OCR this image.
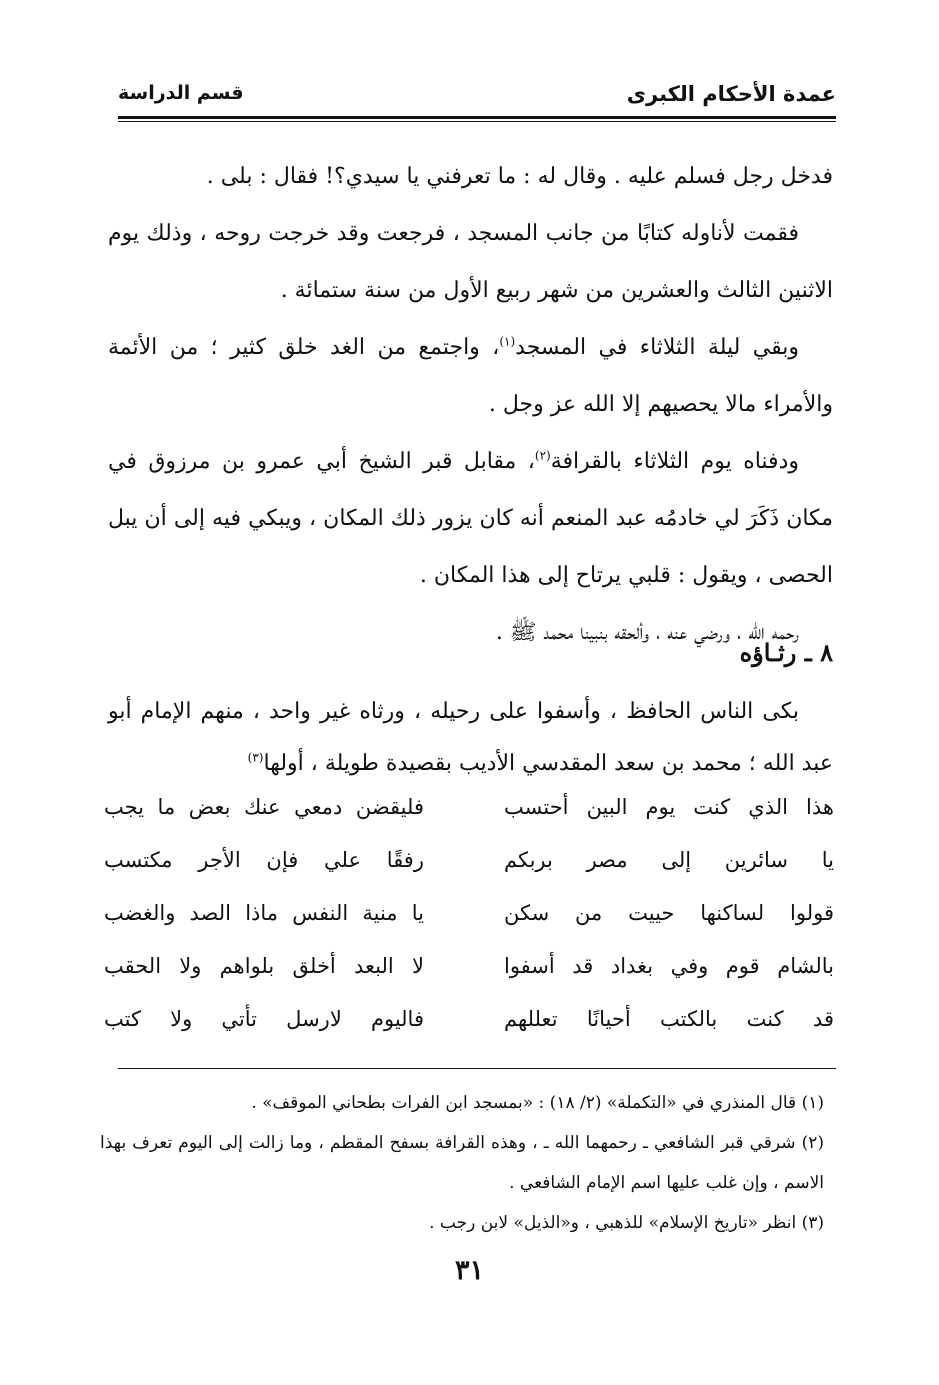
عمدة الأحكام الكبرى
قسم الدراسة

فدخل رجل فسلم عليه . وقال له : ما تعرفني يا سيدي؟! فقال : بلى .

فقمت لأناوله كتابًا من جانب المسجد ، فرجعت وقد خرجت روحه ، وذلك يوم الاثنين الثالث والعشرين من شهر ربيع الأول من سنة ستمائة .

وبقي ليلة الثلاثاء في المسجد$^{(١)}$، واجتمع من الغد خلق كثير ؛ من الأئمة والأمراء مالا يحصيهم إلا الله عز وجل .

ودفناه يوم الثلاثاء بالقرافة$^{(٢)}$، مقابل قبر الشيخ أبي عمرو بن مرزوق في مكان ذَكَرَ لي خادمُه عبد المنعم أنه كان يزور ذلك المكان ، ويبكي فيه إلى أن يبل الحصى ، ويقول : قلبي يرتاح إلى هذا المكان .

رحمه الله ، ورضي عنه ، وألحقه بنبينا محمد ﷺ .

٨ ـ رثـاؤه

بكى الناس الحافظ ، وأسفوا على رحيله ، ورثاه غير واحد ، منهم الإمام أبو عبد الله ؛ محمد بن سعد المقدسي الأديب بقصيدة طويلة ، أولها$^{(٣)}$

هذا الذي كنت يوم البين أحتسب
فليقضن دمعي عنك بعض ما يجب
يا سائرين إلى مصر بربكم
رفقًا علي فإن الأجر مكتسب
قولوا لساكنها حييت من سكن
يا منية النفس ماذا الصد والغضب
بالشام قوم وفي بغداد قد أسفوا
لا البعد أخلق بلواهم ولا الحقب
قد كنت بالكتب أحيانًا تعللهم
فاليوم لارسل تأتي ولا كتب

(١) قال المنذري في «التكملة» (٢/ ١٨) : «بمسجد ابن الفرات بطحاني الموقف» .

(٢) شرقي قبر الشافعي ـ رحمهما الله ـ ، وهذه القرافة بسفح المقطم ، وما زالت إلى اليوم تعرف بهذا الاسم ، وإن غلب عليها اسم الإمام الشافعي .

(٣) انظر «تاريخ الإسلام» للذهبي ، و«الذيل» لابن رجب .

٣١
